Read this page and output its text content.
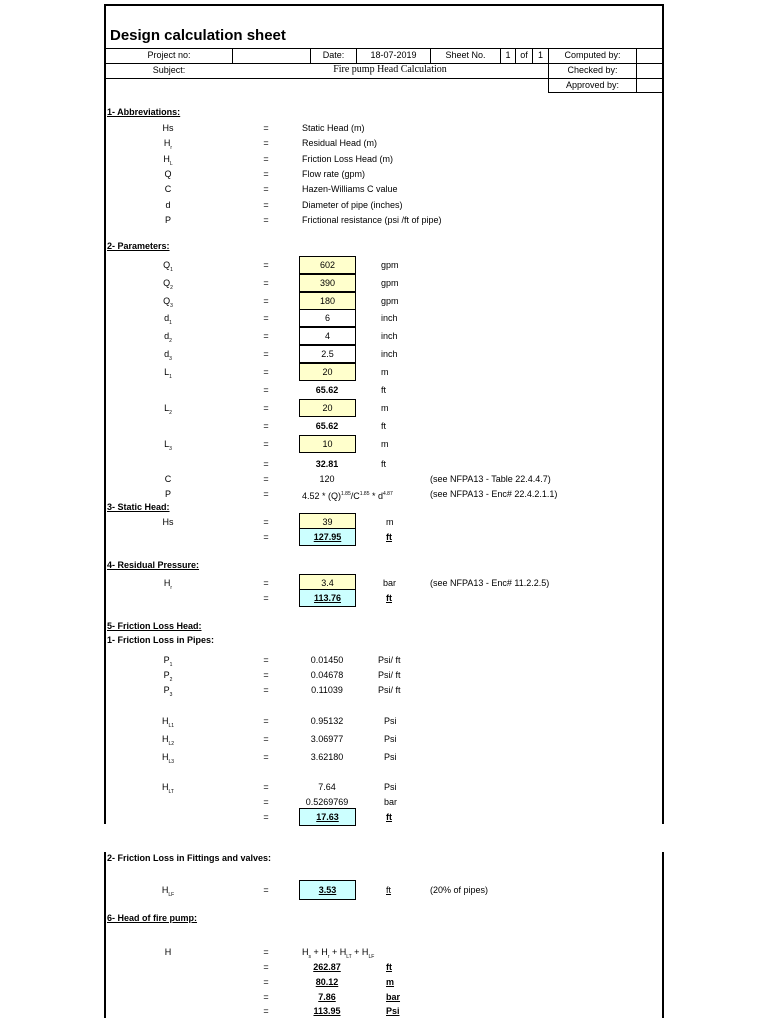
Design calculation sheet
Project no:	Date:	18-07-2019	Sheet No.	1	of	1	Computed by:
Subject:	Fire pump Head Calculation	Checked by:
Approved by:
1- Abbreviations:
Hs	=	Static Head (m)
$H_r$	=	Residual Head (m)
$H_L$	=	Friction Loss Head (m)
Q	=	Flow rate (gpm)
C	=	Hazen-Williams C value
d	=	Diameter of pipe (inches)
P	=	Frictional resistance (psi /ft of pipe)
2- Parameters:
$Q_1$	=	602	gpm
$Q_2$	=	390	gpm
$Q_3$	=	180	gpm
$d_1$	=	6	inch
$d_2$	=	4	inch
$d_3$	=	2.5	inch
$L_1$	=	20	m
=	65.62	ft
$L_2$	=	20	m
=	65.62	ft
$L_3$	=	10	m
=	32.81	ft
C	=	120	(see NFPA13 - Table 22.4.4.7)
P	=	$4.52 * (Q)^{1.85}/C^{1.85} * d^{4.87}$	(see NFPA13 - Enc# 22.4.2.1.1)
3- Static Head:
Hs	=	39	m
=	127.95	ft
4- Residual Pressure:
$H_r$	=	3.4	bar	(see NFPA13 - Enc# 11.2.2.5)
=	113.76	ft
5- Friction Loss Head:
1- Friction Loss in Pipes:
$P_1$	=	0.01450	Psi/ ft
$P_2$	=	0.04678	Psi/ ft
$P_3$	=	0.11039	Psi/ ft
$H_{L1}$	=	0.95132	Psi
$H_{L2}$	=	3.06977	Psi
$H_{L3}$	=	3.62180	Psi
$H_{LT}$	=	7.64	Psi
=	0.5269769	bar
=	17.63	ft
2- Friction Loss in Fittings and valves:
$H_{LF}$	=	3.53	ft	(20% of pipes)
6- Head of fire pump:
H	=	$H_s + H_r + H_{LT} + H_{LF}$
=	262.87	ft
=	80.12	m
=	7.86	bar
=	113.95	Psi
